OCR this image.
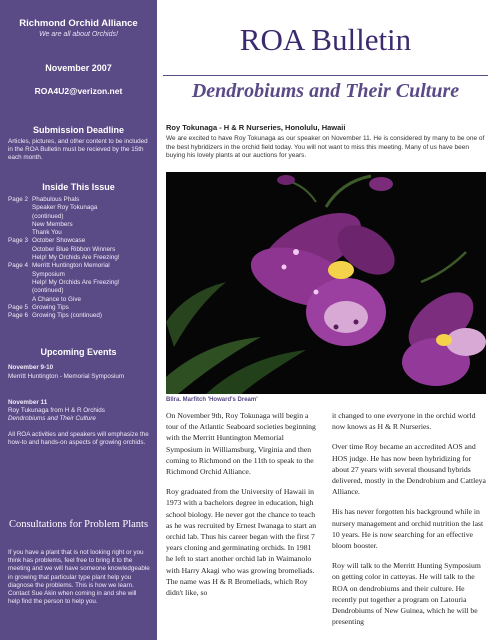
Richmond Orchid Alliance
We are all about Orchids!
November 2007
ROA4U2@verizon.net
Submission Deadline
Articles, pictures, and other content to be included in the ROA Bulletin must be recieved by the 15th each month.
Inside This Issue
Page 2 Phabulous Phals
Speaker Roy Tokunaga
(continued)
New Members
Thank You
Page 3 October Showcase
October Blue Ribbon Winners
Help! My Orchids Are Freezing!
Page 4 Merritt Huntington Memorial
Symposium
Help! My Orchids Are Freezing!
(continued)
A Chance to Give
Page 5 Growing Tips
Page 6 Growing Tips (continued)
Upcoming Events
November 9-10
Merritt Huntington - Memorial Symposium
November 11
Roy Tukunaga from H & R Orchids
Dendrobiums and Their Culture
All ROA activities and speakers will emphasize the how-to and hands-on aspects of growing orchids.
Consultations for Problem Plants
If you have a plant that is not looking right or you think has problems, feel free to bring it to the meeting and we will have someone knowledgeable in growing that particular type plant help you diagnose the problems. This is how we learn. Contact Sue Akin when coming in and she will help find the person to help you.
ROA Bulletin
Dendrobiums and Their Culture
Roy Tokunaga - H & R Nurseries, Honolulu, Hawaii
We are excited to have Roy Tokunaga as our speaker on November 11. He is considered by many to be one of the best hybridizers in the orchid field today. You will not want to miss this meeting. Many of us have been buying his lovely plants at our auctions for years.
Bllra. Marfitch 'Howard's Dream'

On November 9th, Roy Tokunaga will begin a tour of the Atlantic Seaboard societies beginning with the Merritt Huntington Memorial Symposium in Williamsburg, Virginia and then coming to Richmond on the 11th to speak to the Richmond Orchid Alliance.

Roy graduated from the University of Hawaii in 1973 with a bachelors degree in education, high school biology. He never got the chance to teach as he was recruited by Ernest Iwanaga to start an orchid lab. Thus his career began with the first 7 years cloning and germinating orchids. In 1981 he left to start another orchid lab in Waimanolo with Harry Akagi who was growing bromeliads. The name was H & R Bromeliads, which Roy didn't like, so

it changed to one everyone in the orchid world now knows as H & R Nurseries.

Over time Roy became an accredited AOS and HOS judge. He has now been hybridizing for about 27 years with several thousand hybrids delivered, mostly in the Dendrobium and Cattleya Alliance.

His has never forgotten his background while in nursery management and orchid nutrition the last 10 years. He is now searching for an effective bloom booster.

Roy will talk to the Merritt Hunting Symposium on getting color in catteyas. He will talk to the ROA on dendrobiums and their culture. He recently put together a program on Latouria Dendrobiums of New Guinea, which he will be presenting
